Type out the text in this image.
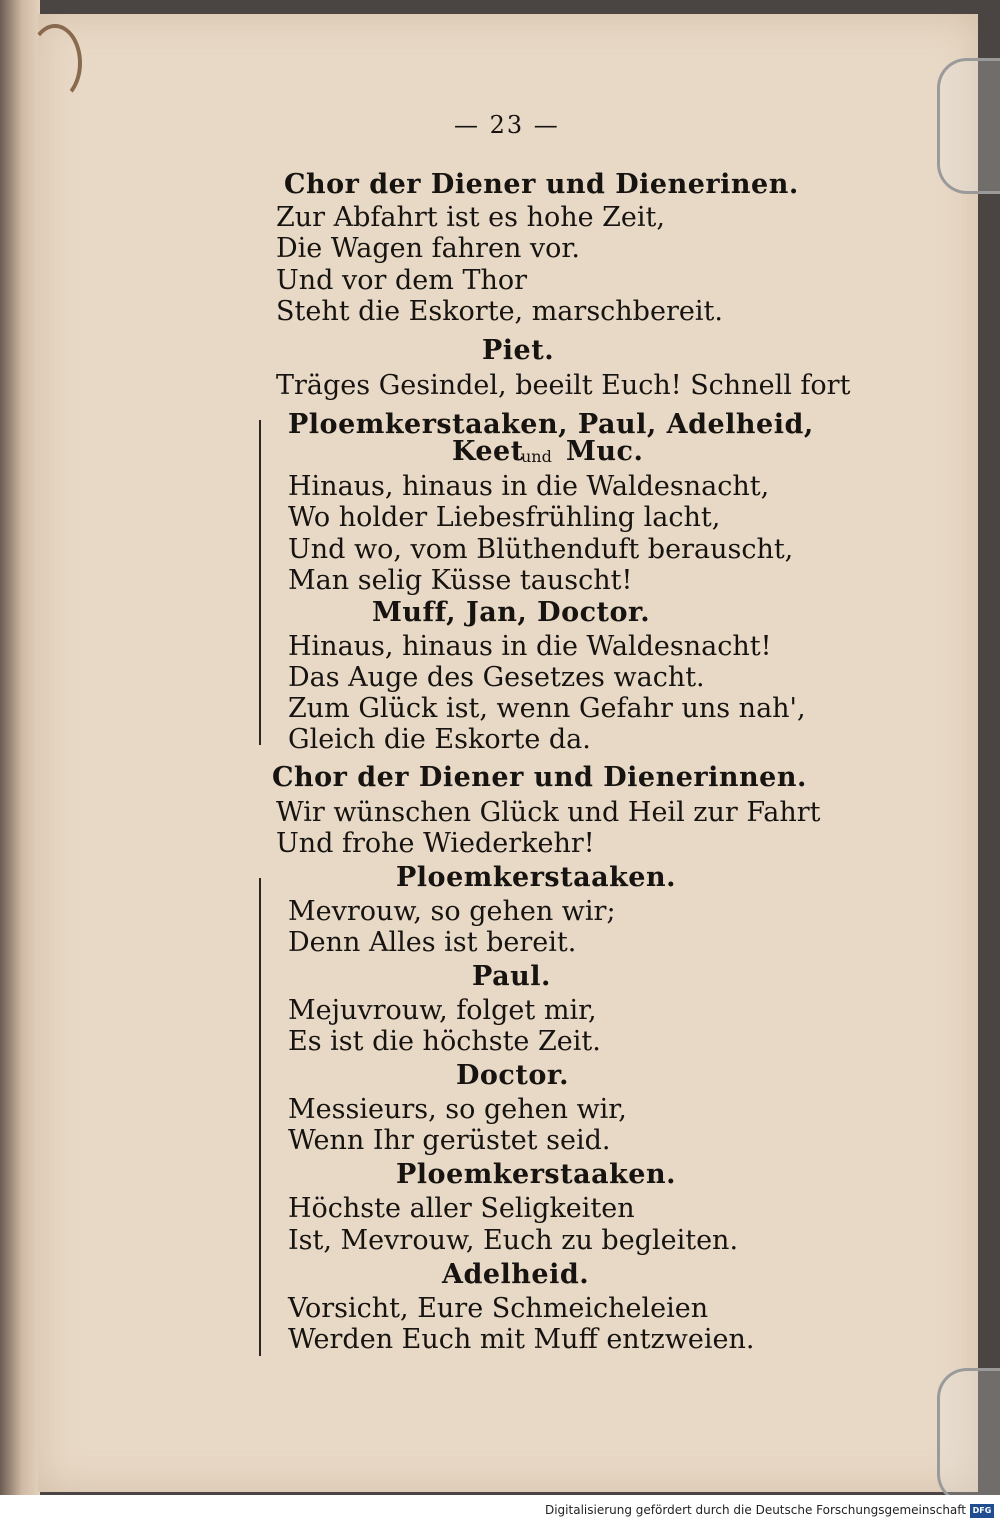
— 23 —
Chor der Diener und Dienerinen.
Zur Abfahrt ist es hohe Zeit,
Die Wagen fahren vor.
Und vor dem Thor
Steht die Eskorte, marschbereit.
Piet.
Träges Gesindel, beeilt Euch! Schnell fort
Ploemkerstaaken, Paul, Adelheid,
Keet
und Muc.
Hinaus, hinaus in die Waldesnacht,
Wo holder Liebesfrühling lacht,
Und wo, vom Blüthenduft berauscht,
Man selig Küsse tauscht!
Muff, Jan, Doctor.
Hinaus, hinaus in die Waldesnacht!
Das Auge des Gesetzes wacht.
Zum Glück ist, wenn Gefahr uns nah',
Gleich die Eskorte da.
Chor der Diener und Dienerinnen.
Wir wünschen Glück und Heil zur Fahrt
Und frohe Wiederkehr!
Ploemkerstaaken.
Mevrouw, so gehen wir;
Denn Alles ist bereit.
Paul.
Mejuvrouw, folget mir,
Es ist die höchste Zeit.
Doctor.
Messieurs, so gehen wir,
Wenn Ihr gerüstet seid.
Ploemkerstaaken.
Höchste aller Seligkeiten
Ist, Mevrouw, Euch zu begleiten.
Adelheid.
Vorsicht, Eure Schmeicheleien
Werden Euch mit Muff entzweien.
Digitalisierung gefördert durch die Deutsche Forschungsgemeinschaft DFG
